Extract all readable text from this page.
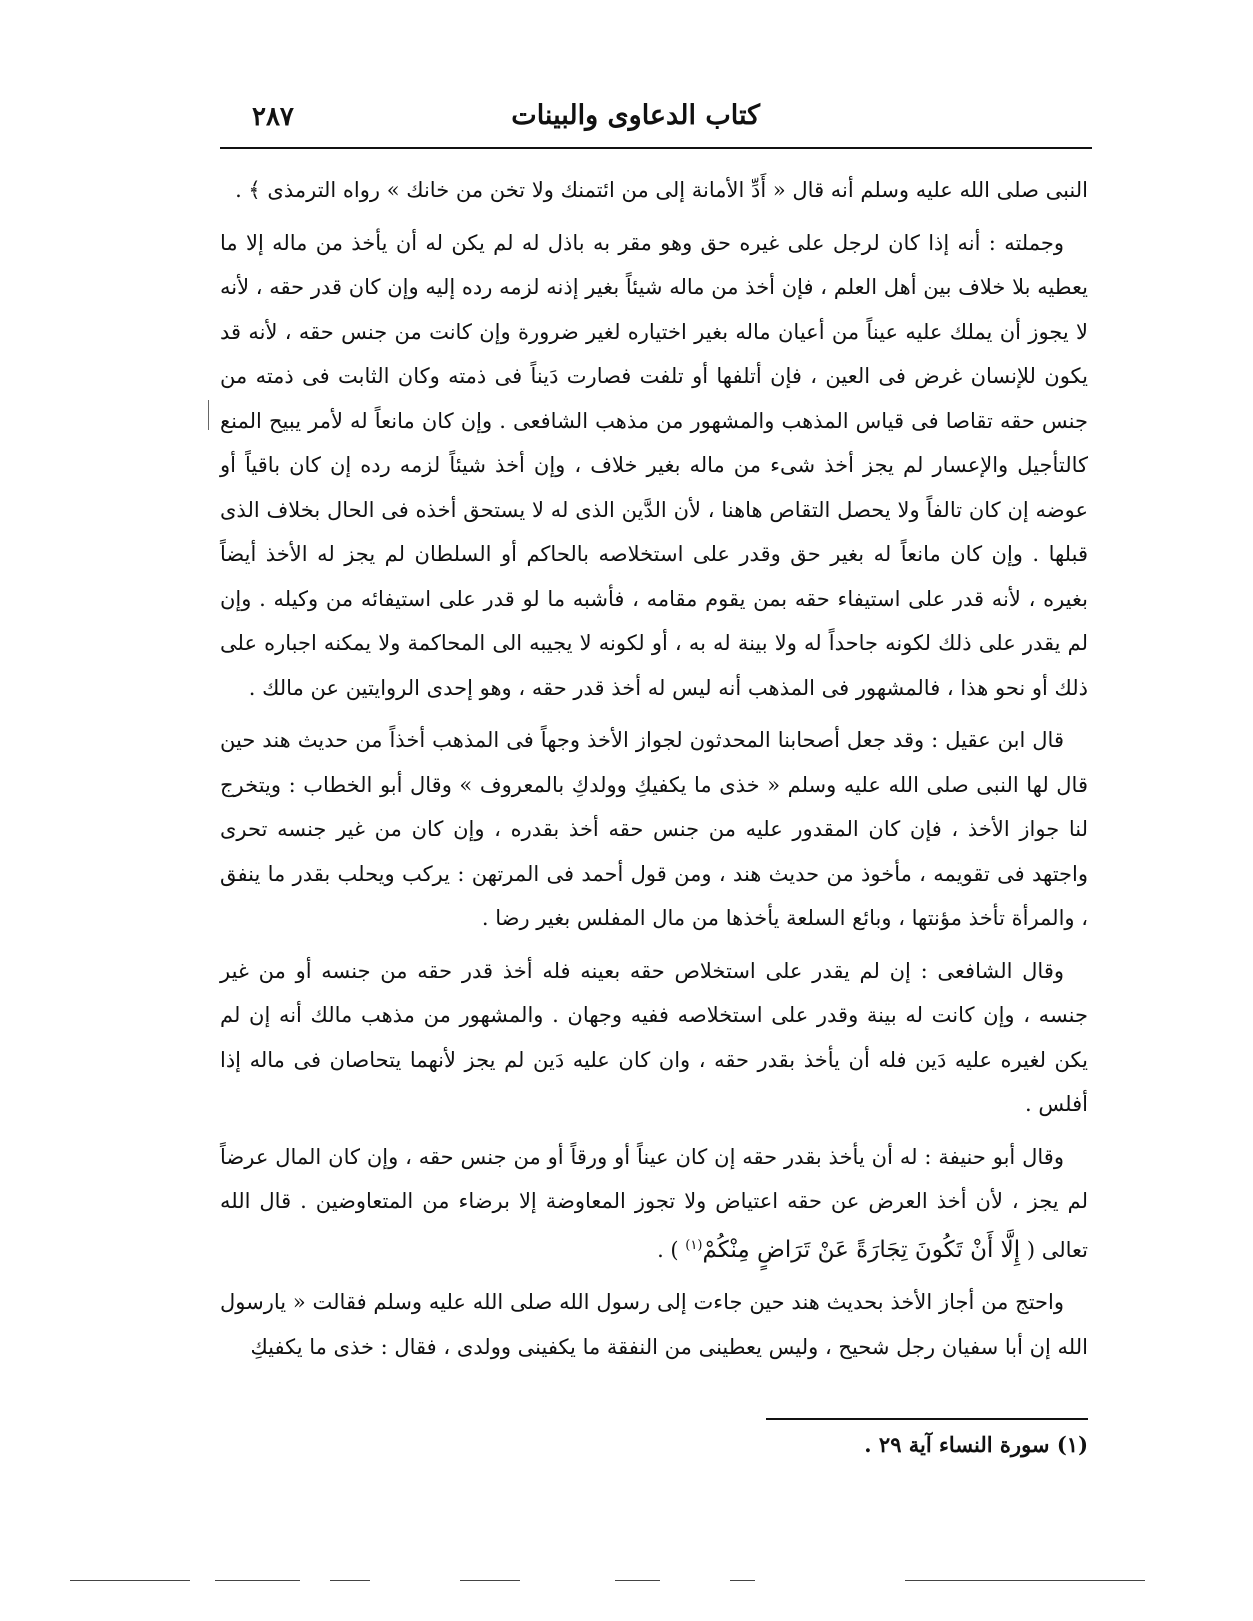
٢٨٧	كتاب الدعاوى والبينات

النبى صلى الله عليه وسلم أنه قال « أَدِّ الأمانة إلى من ائتمنك ولا تخن من خانك » رواه الترمذى ﴾ .

وجملته : أنه إذا كان لرجل على غيره حق وهو مقر به باذل له لم يكن له أن يأخذ من ماله إلا ما يعطيه بلا خلاف بين أهل العلم ، فإن أخذ من ماله شيئاً بغير إذنه لزمه رده إليه وإن كان قدر حقه ، لأنه لا يجوز أن يملك عليه عيناً من أعيان ماله بغير اختياره لغير ضرورة وإن كانت من جنس حقه ، لأنه قد يكون للإنسان غرض فى العين ، فإن أتلفها أو تلفت فصارت دَيناً فى ذمته وكان الثابت فى ذمته من جنس حقه تقاصا فى قياس المذهب والمشهور من مذهب الشافعى . وإن كان مانعاً له لأمر يبيح المنع كالتأجيل والإعسار لم يجز أخذ شىء من ماله بغير خلاف ، وإن أخذ شيئاً لزمه رده إن كان باقياً أو عوضه إن كان تالفاً ولا يحصل التقاص هاهنا ، لأن الدَّين الذى له لا يستحق أخذه فى الحال بخلاف الذى قبلها . وإن كان مانعاً له بغير حق وقدر على استخلاصه بالحاكم أو السلطان لم يجز له الأخذ أيضاً بغيره ، لأنه قدر على استيفاء حقه بمن يقوم مقامه ، فأشبه ما لو قدر على استيفائه من وكيله . وإن لم يقدر على ذلك لكونه جاحداً له ولا بينة له به ، أو لكونه لا يجيبه الى المحاكمة ولا يمكنه اجباره على ذلك أو نحو هذا ، فالمشهور فى المذهب أنه ليس له أخذ قدر حقه ، وهو إحدى الروايتين عن مالك .

قال ابن عقيل : وقد جعل أصحابنا المحدثون لجواز الأخذ وجهاً فى المذهب أخذاً من حديث هند حين قال لها النبى صلى الله عليه وسلم « خذى ما يكفيكِ وولدكِ بالمعروف » وقال أبو الخطاب : ويتخرج لنا جواز الأخذ ، فإن كان المقدور عليه من جنس حقه أخذ بقدره ، وإن كان من غير جنسه تحرى واجتهد فى تقويمه ، مأخوذ من حديث هند ، ومن قول أحمد فى المرتهن : يركب ويحلب بقدر ما ينفق ، والمرأة تأخذ مؤنتها ، وبائع السلعة يأخذها من مال المفلس بغير رضا .

وقال الشافعى : إن لم يقدر على استخلاص حقه بعينه فله أخذ قدر حقه من جنسه أو من غير جنسه ، وإن كانت له بينة وقدر على استخلاصه ففيه وجهان . والمشهور من مذهب مالك أنه إن لم يكن لغيره عليه دَين فله أن يأخذ بقدر حقه ، وان كان عليه دَين لم يجز لأنهما يتحاصان فى ماله إذا أفلس .

وقال أبو حنيفة : له أن يأخذ بقدر حقه إن كان عيناً أو ورقاً أو من جنس حقه ، وإن كان المال عرضاً لم يجز ، لأن أخذ العرض عن حقه اعتياض ولا تجوز المعاوضة إلا برضاء من المتعاوضين . قال الله تعالى ( إِلَّا أَنْ تَكُونَ تِجَارَةً عَنْ تَرَاضٍ مِنْكُمْ$^{(١)}$ ) .

واحتج من أجاز الأخذ بحديث هند حين جاءت إلى رسول الله صلى الله عليه وسلم فقالت « يارسول الله إن أبا سفيان رجل شحيح ، وليس يعطينى من النفقة ما يكفينى وولدى ، فقال : خذى ما يكفيكِ

(١) سورة النساء آية ٢٩ .
